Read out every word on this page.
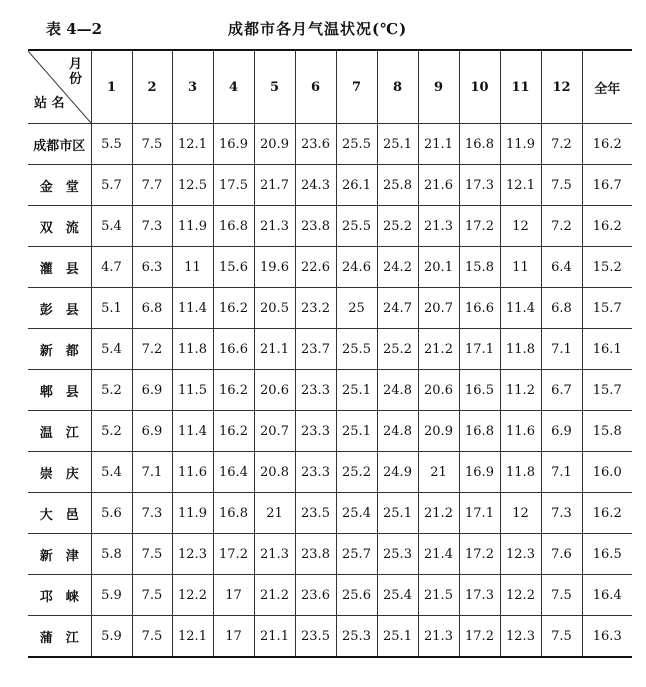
表 4—2	成都市各月气温状况(℃)
月份
站 名	1	2	3	4	5	6	7	8	9	10	11	12	全年
成都市区	5.5	7.5	12.1	16.9	20.9	23.6	25.5	25.1	21.1	16.8	11.9	7.2	16.2
金　堂	5.7	7.7	12.5	17.5	21.7	24.3	26.1	25.8	21.6	17.3	12.1	7.5	16.7
双　流	5.4	7.3	11.9	16.8	21.3	23.8	25.5	25.2	21.3	17.2	12	7.2	16.2
灌　县	4.7	6.3	11	15.6	19.6	22.6	24.6	24.2	20.1	15.8	11	6.4	15.2
彭　县	5.1	6.8	11.4	16.2	20.5	23.2	25	24.7	20.7	16.6	11.4	6.8	15.7
新　都	5.4	7.2	11.8	16.6	21.1	23.7	25.5	25.2	21.2	17.1	11.8	7.1	16.1
郫　县	5.2	6.9	11.5	16.2	20.6	23.3	25.1	24.8	20.6	16.5	11.2	6.7	15.7
温　江	5.2	6.9	11.4	16.2	20.7	23.3	25.1	24.8	20.9	16.8	11.6	6.9	15.8
崇　庆	5.4	7.1	11.6	16.4	20.8	23.3	25.2	24.9	21	16.9	11.8	7.1	16.0
大　邑	5.6	7.3	11.9	16.8	21	23.5	25.4	25.1	21.2	17.1	12	7.3	16.2
新　津	5.8	7.5	12.3	17.2	21.3	23.8	25.7	25.3	21.4	17.2	12.3	7.6	16.5
邛　崃	5.9	7.5	12.2	17	21.2	23.6	25.6	25.4	21.5	17.3	12.2	7.5	16.4
蒲　江	5.9	7.5	12.1	17	21.1	23.5	25.3	25.1	21.3	17.2	12.3	7.5	16.3
